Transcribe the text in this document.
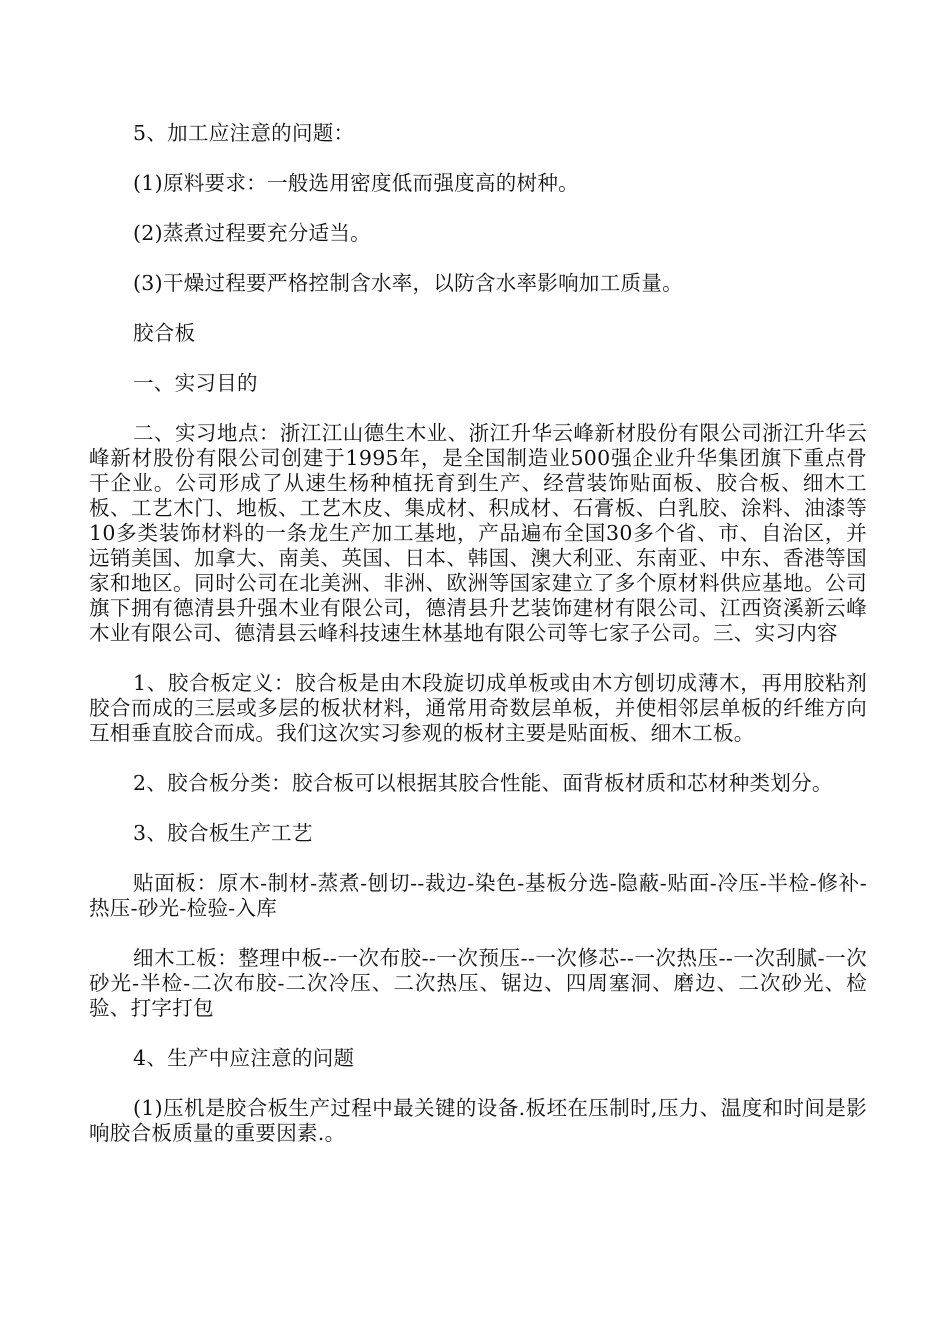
5、加工应注意的问题：

(1)原料要求：一般选用密度低而强度高的树种。

(2)蒸煮过程要充分适当。

(3)干燥过程要严格控制含水率，以防含水率影响加工质量。

胶合板

一、实习目的

二、实习地点：浙江江山德生木业、浙江升华云峰新材股份有限公司浙江升华云峰新材股份有限公司创建于1995年，是全国制造业500强企业升华集团旗下重点骨干企业。公司形成了从速生杨种植抚育到生产、经营装饰贴面板、胶合板、细木工板、工艺木门、地板、工艺木皮、集成材、积成材、石膏板、白乳胶、涂料、油漆等10多类装饰材料的一条龙生产加工基地，产品遍布全国30多个省、市、自治区，并远销美国、加拿大、南美、英国、日本、韩国、澳大利亚、东南亚、中东、香港等国家和地区。同时公司在北美洲、非洲、欧洲等国家建立了多个原材料供应基地。公司旗下拥有德清县升强木业有限公司，德清县升艺装饰建材有限公司、江西资溪新云峰木业有限公司、德清县云峰科技速生林基地有限公司等七家子公司。三、实习内容

1、胶合板定义：胶合板是由木段旋切成单板或由木方刨切成薄木，再用胶粘剂胶合而成的三层或多层的板状材料，通常用奇数层单板，并使相邻层单板的纤维方向互相垂直胶合而成。我们这次实习参观的板材主要是贴面板、细木工板。

2、胶合板分类：胶合板可以根据其胶合性能、面背板材质和芯材种类划分。

3、胶合板生产工艺

贴面板：原木-制材-蒸煮-刨切--裁边-染色-基板分选-隐蔽-贴面-冷压-半检-修补-热压-砂光-检验-入库

细木工板：整理中板--一次布胶--一次预压--一次修芯--一次热压--一次刮腻-一次砂光-半检-二次布胶-二次冷压、二次热压、锯边、四周塞洞、磨边、二次砂光、检验、打字打包

4、生产中应注意的问题

(1)压机是胶合板生产过程中最关键的设备.板坯在压制时,压力、温度和时间是影响胶合板质量的重要因素.。
